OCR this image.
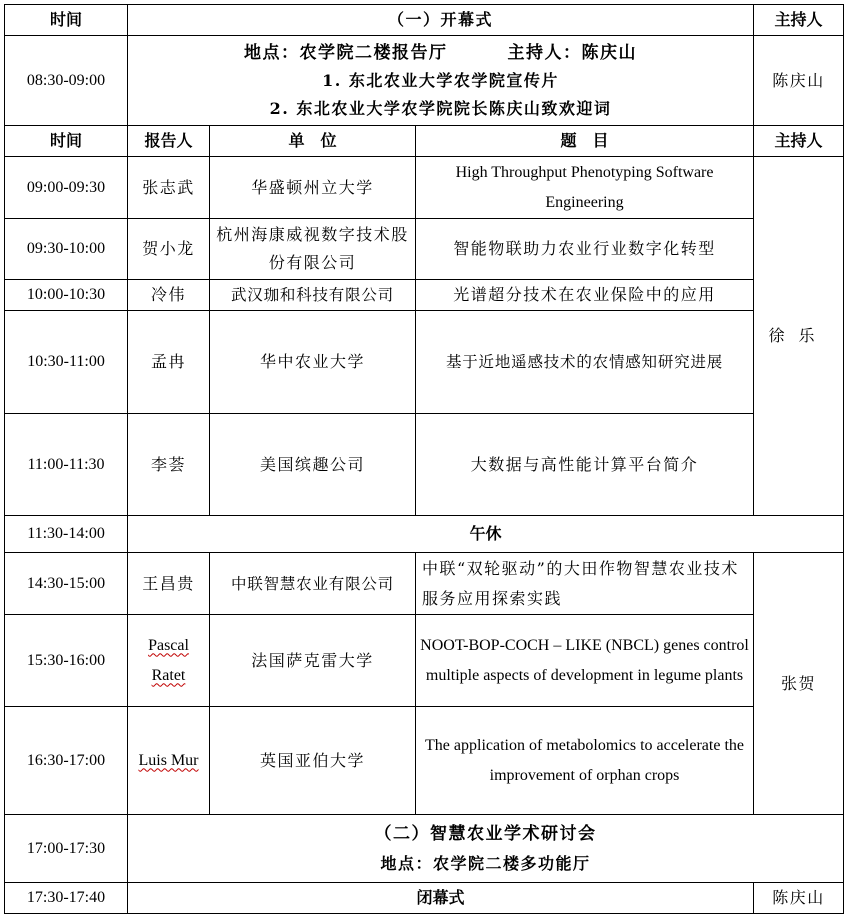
时间	（一）开幕式			主持人
08:30-09:00	地点：农学院二楼报告厅 主持人：陈庆山
1. 东北农业大学农学院宣传片
2. 东北农业大学农学院院长陈庆山致欢迎词			陈庆山
时间	报告人	单　位	题　目	主持人
09:00-09:30	张志武	华盛顿州立大学	High Throughput Phenotyping Software Engineering	徐乐
09:30-10:00	贺小龙	杭州海康威视数字技术股份有限公司	智能物联助力农业行业数字化转型	
10:00-10:30	冷伟	武汉珈和科技有限公司	光谱超分技术在农业保险中的应用	
10:30-11:00	孟冉	华中农业大学	基于近地遥感技术的农情感知研究进展	
11:00-11:30	李荟	美国缤趣公司	大数据与高性能计算平台简介	
11:30-14:00	午休			
14:30-15:00	王昌贵	中联智慧农业有限公司	中联“双轮驱动”的大田作物智慧农业技术服务应用探索实践	张贺
15:30-16:00	Pascal Ratet	法国萨克雷大学	NOOT-BOP-COCH – LIKE (NBCL) genes control multiple aspects of development in legume plants	
16:30-17:00	Luis Mur	英国亚伯大学	The application of metabolomics to accelerate the improvement of orphan crops	
17:00-17:30	（二）智慧农业学术研讨会
地点：农学院二楼多功能厅			

17:30-17:40	闭幕式			陈庆山
